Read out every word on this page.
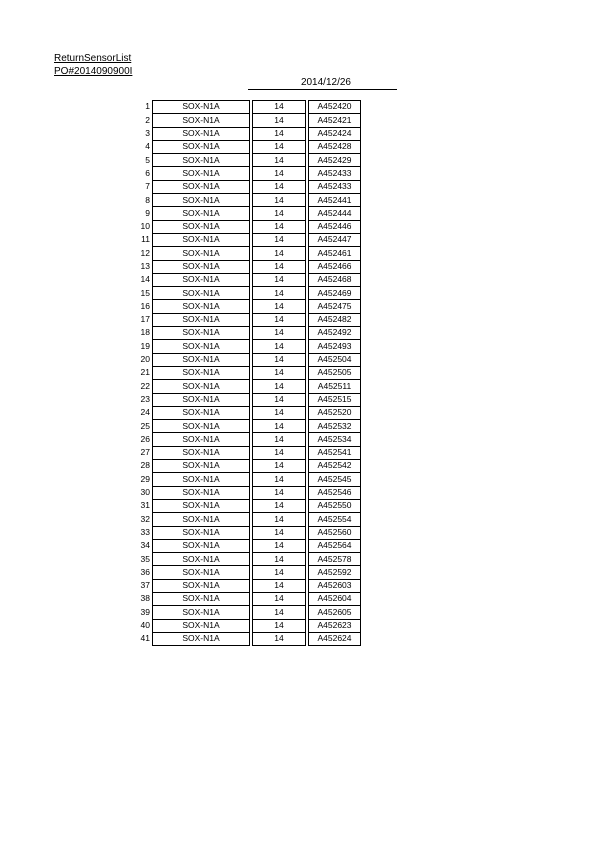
ReturnSensorList
PO#2014090900I
2014/12/26
1	SOX-N1A		14		A452420
2	SOX-N1A		14		A452421
3	SOX-N1A		14		A452424
4	SOX-N1A		14		A452428
5	SOX-N1A		14		A452429
6	SOX-N1A		14		A452433
7	SOX-N1A		14		A452433
8	SOX-N1A		14		A452441
9	SOX-N1A		14		A452444
10	SOX-N1A		14		A452446
11	SOX-N1A		14		A452447
12	SOX-N1A		14		A452461
13	SOX-N1A		14		A452466
14	SOX-N1A		14		A452468
15	SOX-N1A		14		A452469
16	SOX-N1A		14		A452475
17	SOX-N1A		14		A452482
18	SOX-N1A		14		A452492
19	SOX-N1A		14		A452493
20	SOX-N1A		14		A452504
21	SOX-N1A		14		A452505
22	SOX-N1A		14		A452511
23	SOX-N1A		14		A452515
24	SOX-N1A		14		A452520
25	SOX-N1A		14		A452532
26	SOX-N1A		14		A452534
27	SOX-N1A		14		A452541
28	SOX-N1A		14		A452542
29	SOX-N1A		14		A452545
30	SOX-N1A		14		A452546
31	SOX-N1A		14		A452550
32	SOX-N1A		14		A452554
33	SOX-N1A		14		A452560
34	SOX-N1A		14		A452564
35	SOX-N1A		14		A452578
36	SOX-N1A		14		A452592
37	SOX-N1A		14		A452603
38	SOX-N1A		14		A452604
39	SOX-N1A		14		A452605
40	SOX-N1A		14		A452623
41	SOX-N1A		14		A452624
